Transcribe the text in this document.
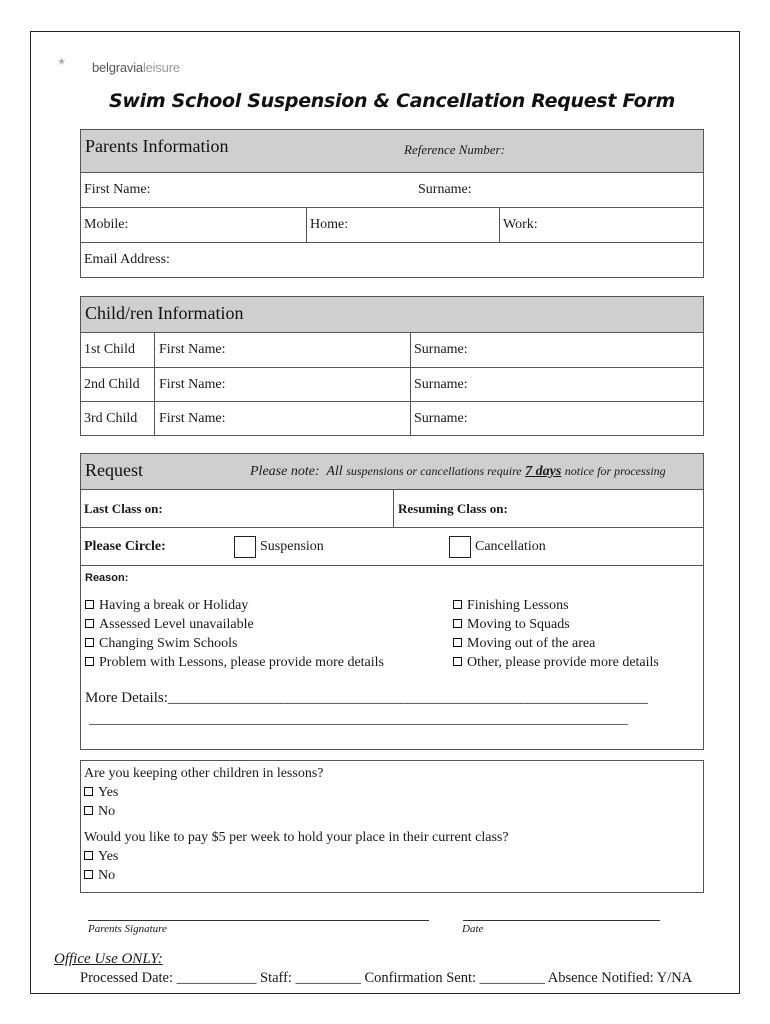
belgravialeisure
Swim School Suspension & Cancellation Request Form
Parents Information	Reference Number:
First Name:	Surname:
Mobile:	Home:	Work:
Email Address:
Child/ren Information
1st Child First Name:	Surname:
2nd Child First Name:	Surname:
3rd Child First Name:	Surname:
Request	Please note: All suspensions or cancellations require 7 days notice for processing
Last Class on:	Resuming Class on:
Please Circle:	Suspension	Cancellation
Reason:
Having a break or Holiday
Assessed Level unavailable
Changing Swim Schools
Problem with Lessons, please provide more details
Finishing Lessons
Moving to Squads
Moving out of the area
Other, please provide more details
More Details:________________________________________________________________
_____________________________________________________________________________
Are you keeping other children in lessons?
Yes
No
Would you like to pay $5 per week to hold your place in their current class?
Yes
No
Parents Signature	Date
Office Use ONLY:
Processed Date: ___________ Staff: _________ Confirmation Sent: _________ Absence Notified: Y/NA
